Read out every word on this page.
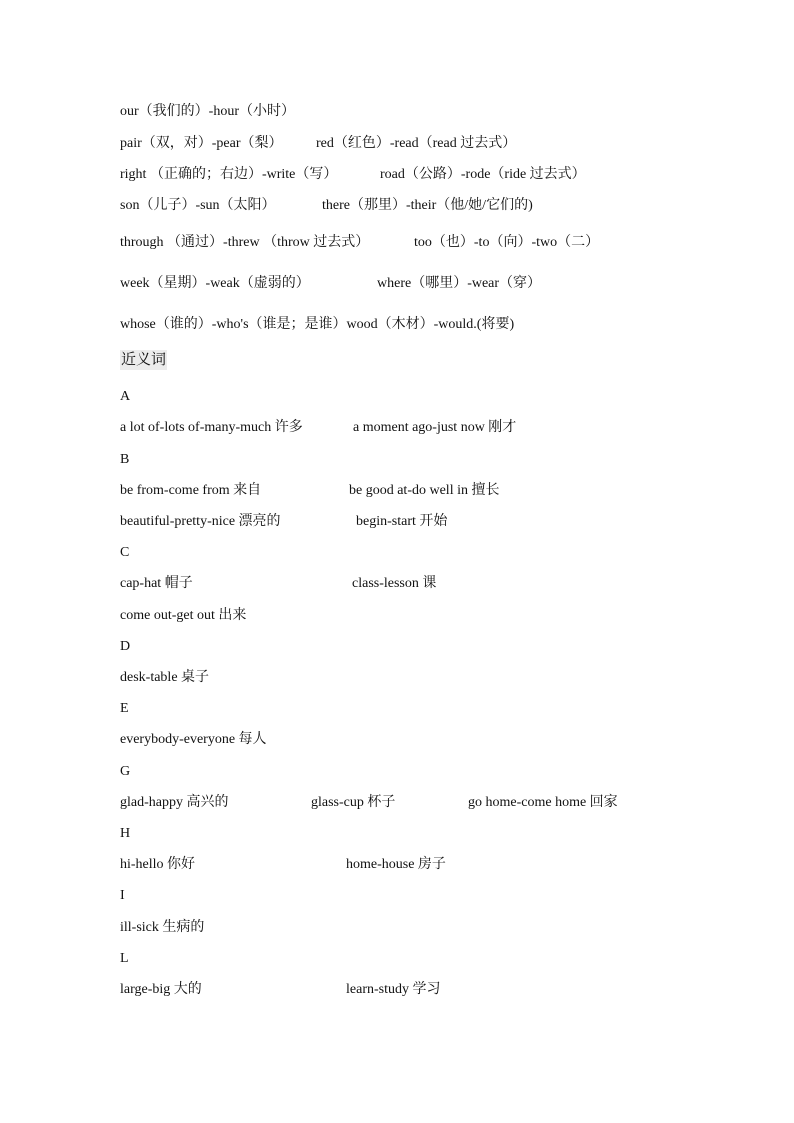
our（我们的）-hour（小时）
pair（双，对）-pear（梨） red（红色）-read（read 过去式）
right （正确的；右边）-write（写）	road（公路）-rode（ride 过去式）
son（儿子）-sun（太阳）	there（那里）-their（他/她/它们的)
through （通过）-threw （throw 过去式）	too（也）-to（向）-two（二）
week（星期）-weak（虚弱的）	where（哪里）-wear（穿）
whose（谁的）-who's（谁是；是谁）wood（木材）-would.(将要)
近义词
A
a lot of-lots of-many-much 许多	a moment ago-just now 刚才
B
be from-come from 来自	be good at-do well in 擅长
beautiful-pretty-nice 漂亮的	begin-start 开始
C
cap-hat 帽子	class-lesson 课
come out-get out 出来
D
desk-table 桌子
E
everybody-everyone 每人
G
glad-happy 高兴的	glass-cup 杯子	go home-come home 回家
H
hi-hello 你好	home-house 房子
I
ill-sick 生病的
L
large-big 大的	learn-study 学习
